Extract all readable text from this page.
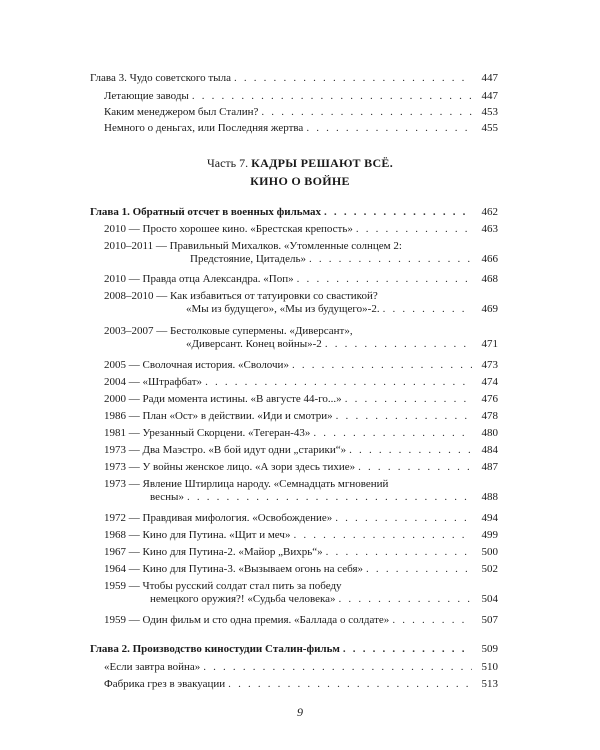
Глава 3. Чудо советского тыла . . .	447
Летающие заводы . . .	447
Каким менеджером был Сталин? . . .	453
Немного о деньгах, или Последняя жертва . . .	455
Часть 7. КАДРЫ РЕШАЮТ ВСЁ.
КИНО О ВОЙНЕ
Глава 1. Обратный отсчет в военных фильмах . . .	462
2010 — Просто хорошее кино. «Брестская крепость» . . .	463
2010–2011 — Правильный Михалков. «Утомленные солнцем 2:
Предстояние, Цитадель» . . .	466
2010 — Правда отца Александра. «Поп» . . .	468
2008–2010 — Как избавиться от татуировки со свастикой?
«Мы из будущего», «Мы из будущего»-2. . . .	469
2003–2007 — Бестолковые супермены. «Диверсант»,
«Диверсант. Конец войны»-2 . . .	471
2005 — Сволочная история. «Сволочи» . . .	473
2004 — «Штрафбат» . . .	474
2000 — Ради момента истины. «В августе 44-го...» . . .	476
1986 — План «Ост» в действии. «Иди и смотри» . . .	478
1981 — Урезанный Скорцени. «Тегеран-43» . . .	480
1973 — Два Маэстро. «В бой идут одни „старики“» . . .	484
1973 — У войны женское лицо. «А зори здесь тихие» . . .	487
1973 — Явление Штирлица народу. «Семнадцать мгновений
весны» . . .	488
1972 — Правдивая мифология. «Освобождение» . . .	494
1968 — Кино для Путина. «Щит и меч» . . .	499
1967 — Кино для Путина-2. «Майор „Вихрь“» . . .	500
1964 — Кино для Путина-3. «Вызываем огонь на себя» . . .	502
1959 — Чтобы русский солдат стал пить за победу
немецкого оружия?! «Судьба человека» . . .	504
1959 — Один фильм и сто одна премия. «Баллада о солдате» . . .	507
Глава 2. Производство киностудии Сталин-фильм . . .	509
«Если завтра война» . . .	510
Фабрика грез в эвакуации . . .	513
9
